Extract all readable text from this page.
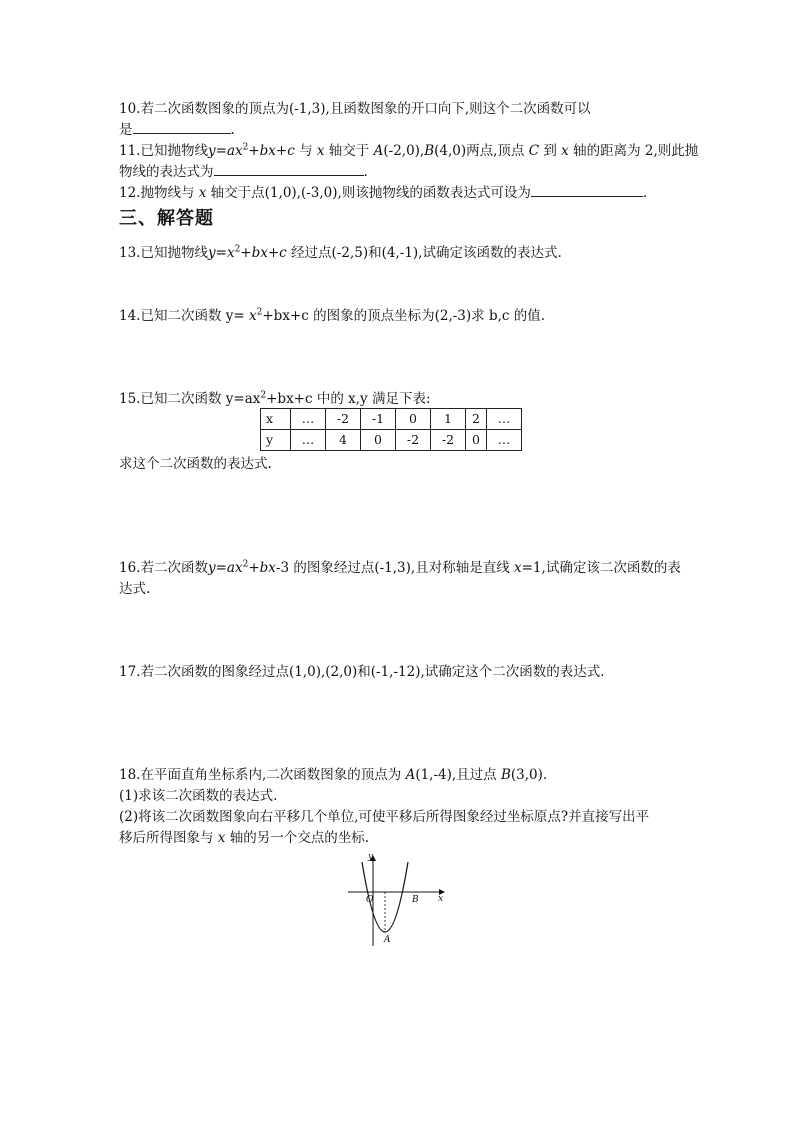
10.若二次函数图象的顶点为(-1,3),且函数图象的开口向下,则这个二次函数可以
是	.
11.已知抛物线$y=ax^2+bx+c$ 与 x 轴交于 A(-2,0),B(4,0)两点,顶点 C 到 x 轴的距离为 2,则此抛
物线的表达式为	.
12.抛物线与 x 轴交于点(1,0),(-3,0),则该抛物线的函数表达式可设为	.
三、解答题
13.已知抛物线$y=x^2+bx+c$ 经过点(-2,5)和(4,-1),试确定该函数的表达式.
14.已知二次函数 $y= x^2+bx+c$ 的图象的顶点坐标为(2,-3)求 b,c 的值.
15.已知二次函数 $y=ax^2+bx+c$ 中的 x,y 满足下表:
x	…	-2	-1	0	1	2	…
y	…	4	0	-2	-2	0	…
求这个二次函数的表达式.
16.若二次函数$y=ax^2+bx-3$ 的图象经过点(-1,3),且对称轴是直线 x=1,试确定该二次函数的表
达式.
17.若二次函数的图象经过点(1,0),(2,0)和(-1,-12),试确定这个二次函数的表达式.
18.在平面直角坐标系内,二次函数图象的顶点为 A(1,-4),且过点 B(3,0).
(1)求该二次函数的表达式.
(2)将该二次函数图象向右平移几个单位,可使平移后所得图象经过坐标原点?并直接写出平
移后所得图象与 x 轴的另一个交点的坐标.
y
x
O	B
A
